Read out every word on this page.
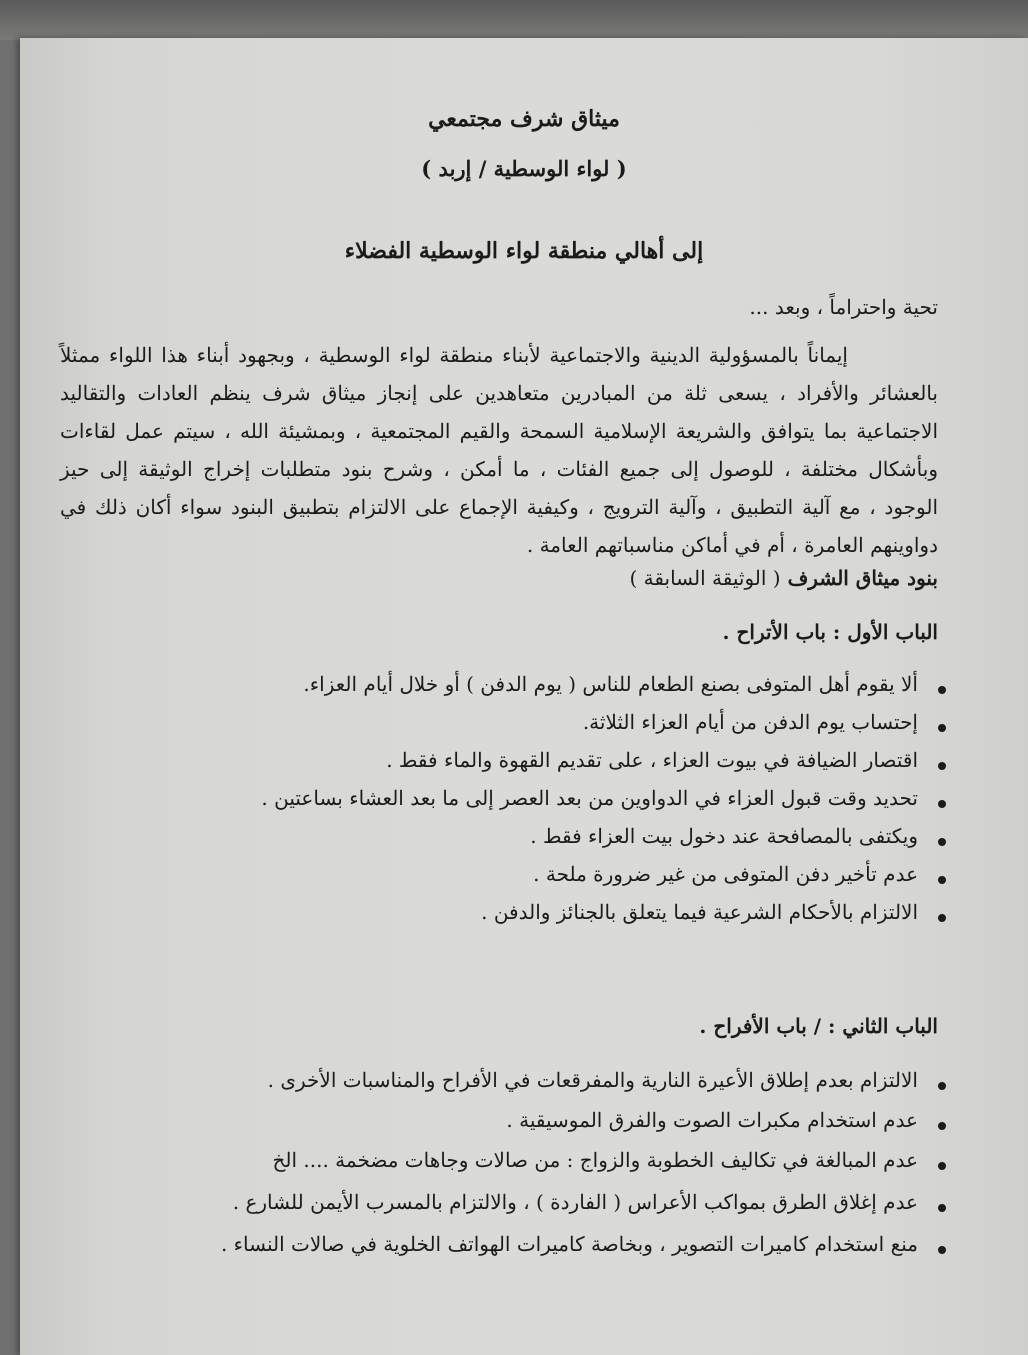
ميثاق شرف مجتمعي
( لواء الوسطية / إربد )
إلى أهالي منطقة لواء الوسطية الفضلاء
تحية واحتراماً ، وبعد ...
إيماناً بالمسؤولية الدينية والاجتماعية لأبناء منطقة لواء الوسطية ، وبجهود أبناء هذا اللواء ممثلاً
بالعشائر والأفراد ، يسعى ثلة من المبادرين متعاهدين على إنجاز ميثاق شرف ينظم العادات والتقاليد
الاجتماعية بما يتوافق والشريعة الإسلامية السمحة والقيم المجتمعية ، وبمشيئة الله ، سيتم عمل لقاءات
وبأشكال مختلفة ، للوصول إلى جميع الفئات ، ما أمكن ، وشرح بنود متطلبات إخراج الوثيقة إلى حيز
الوجود ، مع آلية التطبيق ، وآلية الترويج ، وكيفية الإجماع على الالتزام بتطبيق البنود سواء أكان ذلك في
دواوينهم العامرة ، أم في أماكن مناسباتهم العامة .
بنود ميثاق الشرف ( الوثيقة السابقة )
الباب الأول : باب الأتراح .
ألا يقوم أهل المتوفى بصنع الطعام للناس ( يوم الدفن ) أو خلال أيام العزاء.
إحتساب يوم الدفن من أيام العزاء الثلاثة.
اقتصار الضيافة في بيوت العزاء ، على تقديم القهوة والماء فقط .
تحديد وقت قبول العزاء في الدواوين من بعد العصر إلى ما بعد العشاء بساعتين .
ويكتفى بالمصافحة عند دخول بيت العزاء فقط .
عدم تأخير دفن المتوفى من غير ضرورة ملحة .
الالتزام بالأحكام الشرعية فيما يتعلق بالجنائز والدفن .
الباب الثاني : / باب الأفراح .
الالتزام بعدم إطلاق الأعيرة النارية والمفرقعات في الأفراح والمناسبات الأخرى .
عدم استخدام مكبرات الصوت والفرق الموسيقية .
عدم المبالغة في تكاليف الخطوبة والزواج : من صالات وجاهات مضخمة .... الخ
عدم إغلاق الطرق بمواكب الأعراس ( الفاردة ) ، والالتزام بالمسرب الأيمن للشارع .
منع استخدام كاميرات التصوير ، وبخاصة كاميرات الهواتف الخلوية في صالات النساء .
